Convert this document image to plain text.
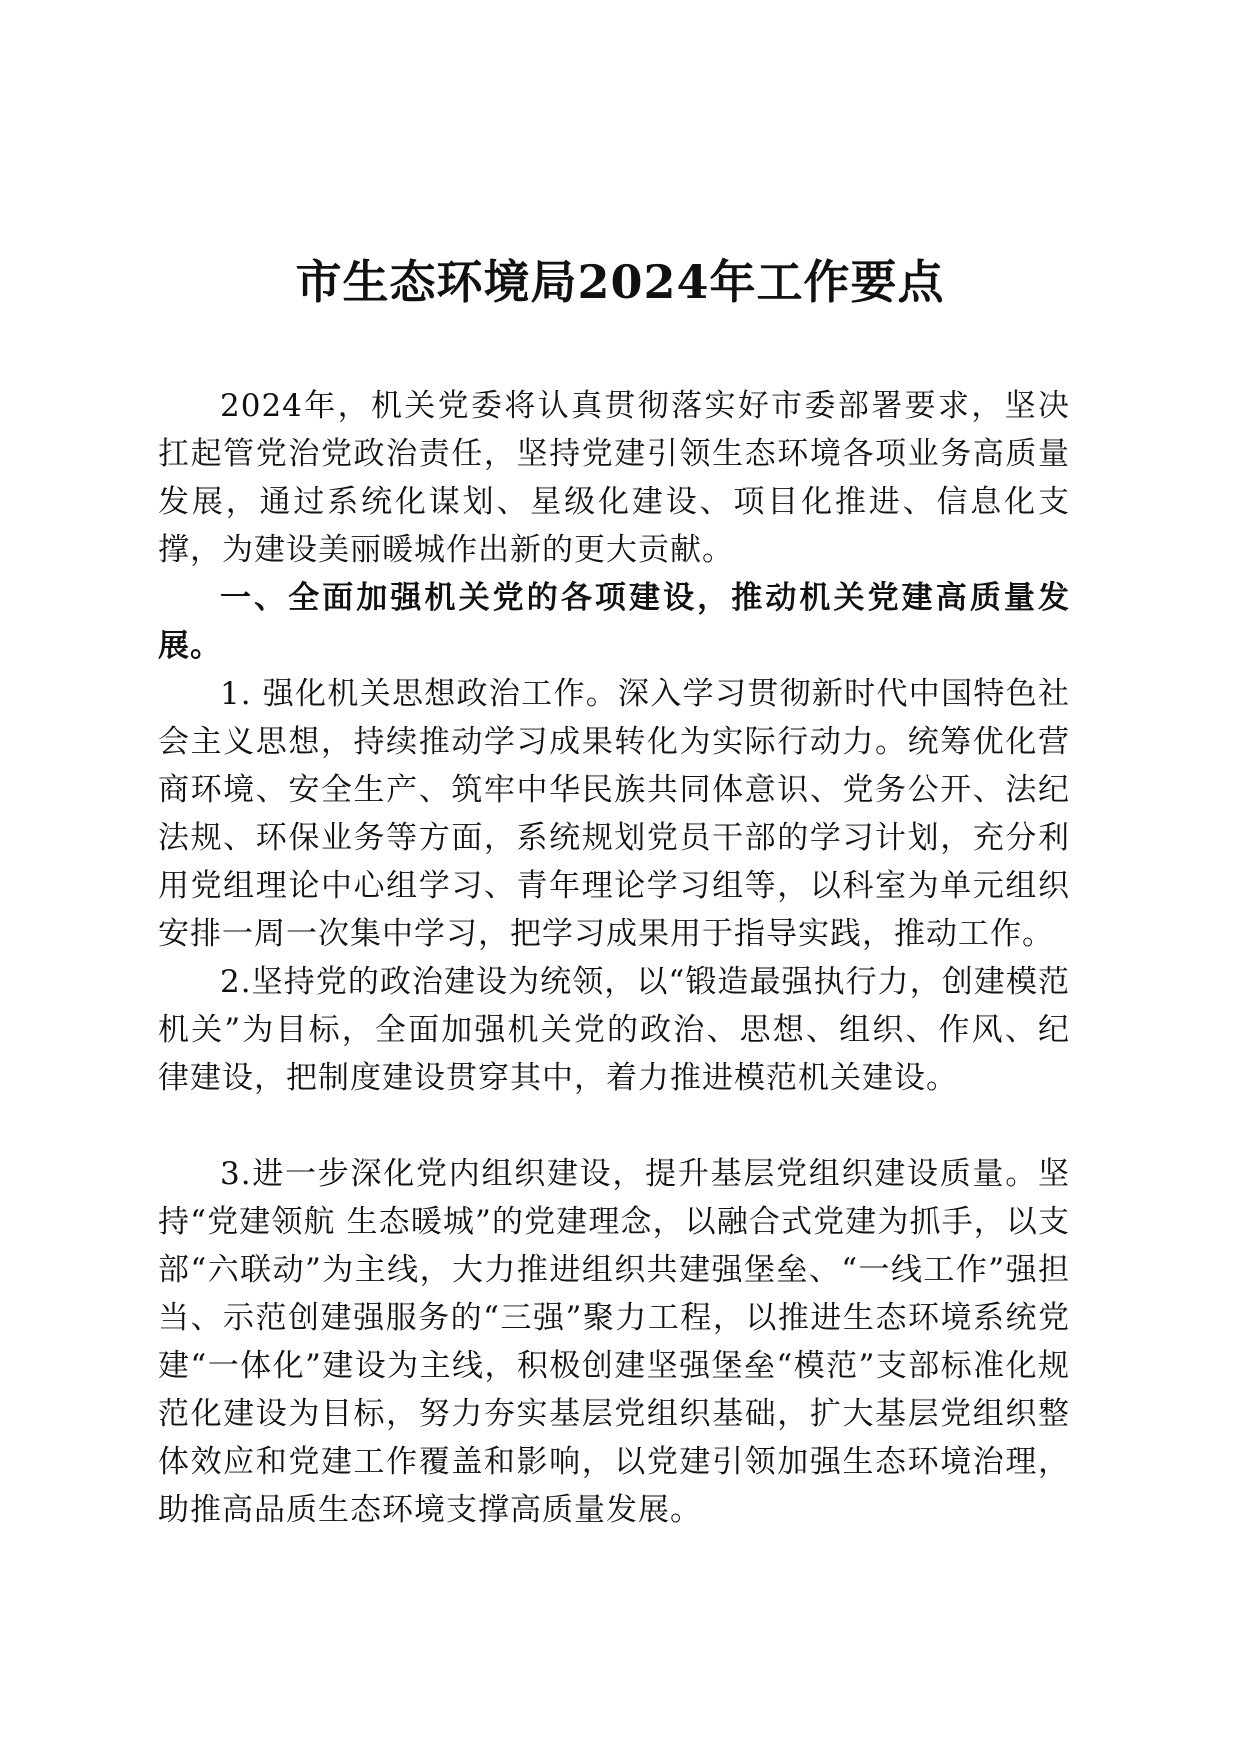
市生态环境局2024年工作要点

2024年，机关党委将认真贯彻落实好市委部署要求，坚决扛起管党治党政治责任，坚持党建引领生态环境各项业务高质量发展，通过系统化谋划、星级化建设、项目化推进、信息化支撑，为建设美丽暖城作出新的更大贡献。

一、全面加强机关党的各项建设，推动机关党建高质量发展。

1. 强化机关思想政治工作。深入学习贯彻新时代中国特色社会主义思想，持续推动学习成果转化为实际行动力。统筹优化营商环境、安全生产、筑牢中华民族共同体意识、党务公开、法纪法规、环保业务等方面，系统规划党员干部的学习计划，充分利用党组理论中心组学习、青年理论学习组等，以科室为单元组织安排一周一次集中学习，把学习成果用于指导实践，推动工作。

2.坚持党的政治建设为统领，以“锻造最强执行力，创建模范机关”为目标，全面加强机关党的政治、思想、组织、作风、纪律建设，把制度建设贯穿其中，着力推进模范机关建设。

3.进一步深化党内组织建设，提升基层党组织建设质量。坚持“党建领航 生态暖城”的党建理念，以融合式党建为抓手，以支部“六联动”为主线，大力推进组织共建强堡垒、“一线工作”强担当、示范创建强服务的“三强”聚力工程，以推进生态环境系统党建“一体化”建设为主线，积极创建坚强堡垒“模范”支部标准化规范化建设为目标，努力夯实基层党组织基础，扩大基层党组织整体效应和党建工作覆盖和影响，以党建引领加强生态环境治理，助推高品质生态环境支撑高质量发展。
